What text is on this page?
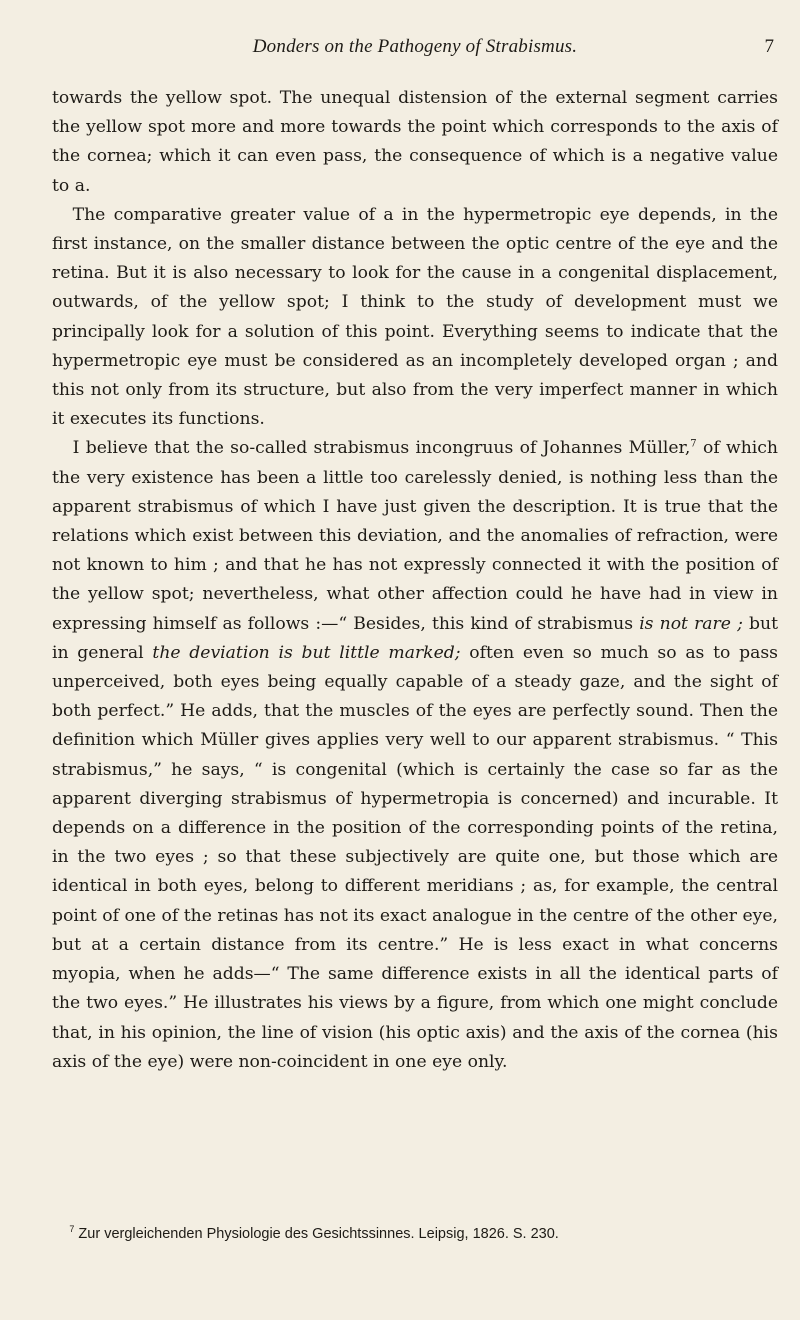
Donders on the Pathogeny of Strabismus.	7

towards the yellow spot. The unequal distension of the external segment carries the yellow spot more and more towards the point which corresponds to the axis of the cornea; which it can even pass, the consequence of which is a negative value to a.

The comparative greater value of a in the hypermetropic eye depends, in the first instance, on the smaller distance between the optic centre of the eye and the retina. But it is also necessary to look for the cause in a congenital displacement, outwards, of the yellow spot; I think to the study of development must we principally look for a solution of this point. Everything seems to indicate that the hypermetropic eye must be considered as an incompletely developed organ ; and this not only from its structure, but also from the very imperfect manner in which it executes its functions.

I believe that the so-called strabismus incongruus of Johannes Müller,$^7$ of which the very existence has been a little too carelessly denied, is nothing less than the apparent strabismus of which I have just given the description. It is true that the relations which exist between this deviation, and the anomalies of refraction, were not known to him ; and that he has not expressly connected it with the position of the yellow spot; nevertheless, what other affection could he have had in view in expressing himself as follows :—“ Besides, this kind of strabismus is not rare ; but in general the deviation is but little marked; often even so much so as to pass unperceived, both eyes being equally capable of a steady gaze, and the sight of both perfect.” He adds, that the muscles of the eyes are perfectly sound. Then the definition which Müller gives applies very well to our apparent strabismus. “ This strabismus,” he says, “ is congenital (which is certainly the case so far as the apparent diverging strabismus of hypermetropia is concerned) and incurable. It depends on a difference in the position of the corresponding points of the retina, in the two eyes ; so that these subjectively are quite one, but those which are identical in both eyes, belong to different meridians ; as, for example, the central point of one of the retinas has not its exact analogue in the centre of the other eye, but at a certain distance from its centre.” He is less exact in what concerns myopia, when he adds—“ The same difference exists in all the identical parts of the two eyes.” He illustrates his views by a figure, from which one might conclude that, in his opinion, the line of vision (his optic axis) and the axis of the cornea (his axis of the eye) were non-coincident in one eye only.

$^7$ Zur vergleichenden Physiologie des Gesichtssinnes. Leipsig, 1826. S. 230.
